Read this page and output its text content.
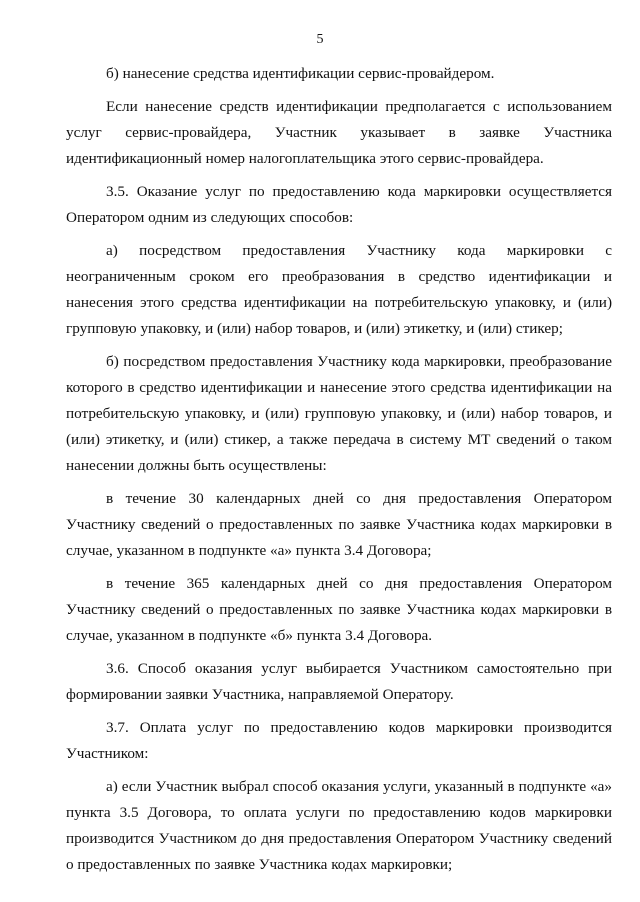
5

б) нанесение средства идентификации сервис-провайдером.

Если нанесение средств идентификации предполагается с использованием услуг сервис-провайдера, Участник указывает в заявке Участника идентификационный номер налогоплательщика этого сервис-провайдера.

3.5. Оказание услуг по предоставлению кода маркировки осуществляется Оператором одним из следующих способов:

а) посредством предоставления Участнику кода маркировки с неограниченным сроком его преобразования в средство идентификации и нанесения этого средства идентификации на потребительскую упаковку, и (или) групповую упаковку, и (или) набор товаров, и (или) этикетку, и (или) стикер;

б) посредством предоставления Участнику кода маркировки, преобразование которого в средство идентификации и нанесение этого средства идентификации на потребительскую упаковку, и (или) групповую упаковку, и (или) набор товаров, и (или) этикетку, и (или) стикер, а также передача в систему МТ сведений о таком нанесении должны быть осуществлены:

в течение 30 календарных дней со дня предоставления Оператором Участнику сведений о предоставленных по заявке Участника кодах маркировки в случае, указанном в подпункте «а» пункта 3.4 Договора;

в течение 365 календарных дней со дня предоставления Оператором Участнику сведений о предоставленных по заявке Участника кодах маркировки в случае, указанном в подпункте «б» пункта 3.4 Договора.

3.6. Способ оказания услуг выбирается Участником самостоятельно при формировании заявки Участника, направляемой Оператору.

3.7. Оплата услуг по предоставлению кодов маркировки производится Участником:

а) если Участник выбрал способ оказания услуги, указанный в подпункте «а» пункта 3.5 Договора, то оплата услуги по предоставлению кодов маркировки производится Участником до дня предоставления Оператором Участнику сведений о предоставленных по заявке Участника кодах маркировки;
